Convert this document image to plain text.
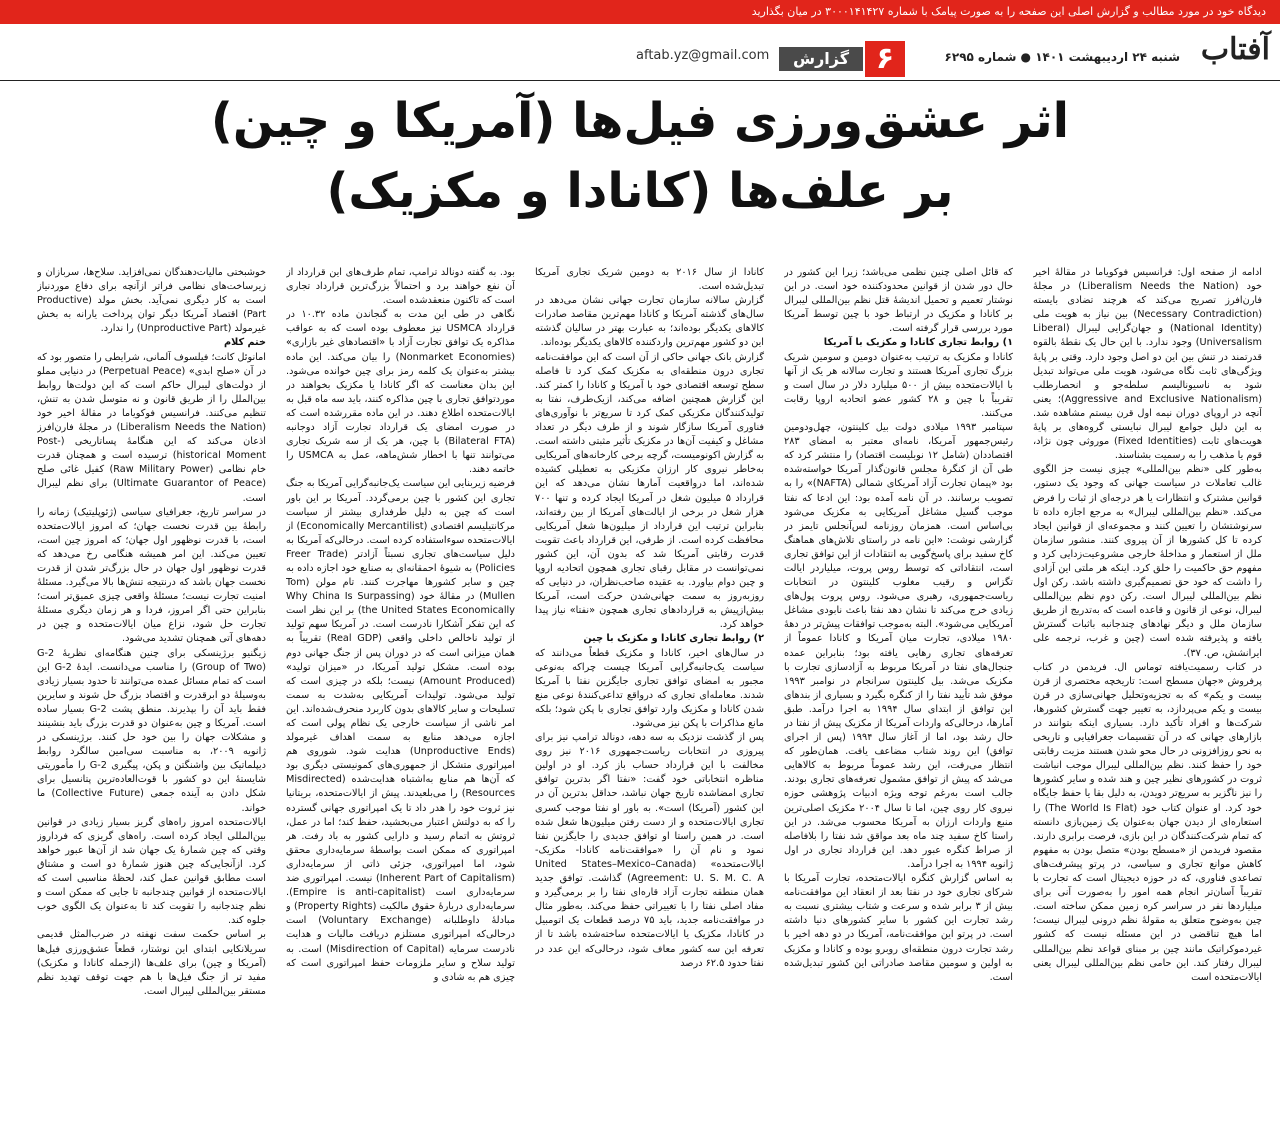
دیدگاه خود در مورد مطالب و گزارش اصلی این صفحه را به صورت پیامک با شماره ۳۰۰۰۱۴۱۴۲۷ در میان بگذارید
آفتاب
شنبه ۲۴ اردیبهشت ۱۴۰۱ ● شماره ۶۲۹۵
۶
گزارش
aftab.yz@gmail.com
اثر عشق‌ورزی فیل‌ها (آمریکا و چین)
بر علف‌ها (کانادا و مکزیک)

ادامه از صفحه اول: فرانسیس فوکویاما در مقالهٔ اخیر خود (Liberalism Needs the Nation) در مجلهٔ فارن‌افرز تصریح می‌کند که هرچند تضادی بایسته (Necessary Contradiction) بین نیاز به هویت ملی (National Identity) و جهان‌گرایی لیبرال (Liberal Universalism) وجود ندارد. با این حال یک نقطهٔ بالقوه قدرتمند در تنش بین این دو اصل وجود دارد. وقتی بر پایهٔ ویژگی‌های ثابت نگاه می‌شود، هویت ملی می‌تواند تبدیل شود به ناسیونالیسم سلطه‌جو و انحصارطلب (Aggressive and Exclusive Nationalism)؛ یعنی آنچه در اروپای دوران نیمه اول قرن بیستم مشاهده شد. به این دلیل جوامع لیبرال نبایستی گروه‌های بر پایهٔ هویت‌های ثابت (Fixed Identities) موروثی چون نژاد، قوم یا مذهب را به رسمیت بشناسند.

به‌طور کلی «نظم بین‌المللی» چیزی نیست جز الگوی غالب تعاملات در سیاست جهانی که وجود یک دستور، قوانین مشترک و انتظارات یا هر درجه‌ای از ثبات را فرض می‌کند. «نظم بین‌المللی لیبرال» به مرجع اجازه داده تا سرنوشتشان را تعیین کنند و مجموعه‌ای از قوانین ایجاد کرده تا کل کشورها از آن پیروی کنند. منشور سازمان ملل از استعمار و مداخلهٔ خارجی مشروعیت‌زدایی کرد و مفهوم حق حاکمیت را خلق کرد. اینکه هر ملتی این آزادی را داشت که خود حق تصمیم‌گیری داشته باشد. رکن اول نظم بین‌المللی لیبرال است. رکن دوم نظم بین‌المللی لیبرال، نوعی از قانون و قاعده است که به‌تدریج از طریق سازمان ملل و دیگر نهادهای چندجانبه باثبات گسترش یافته و پذیرفته شده است (چین و غرب، ترجمه علی ایرانشش، ص. ۳۷).

در کتاب رسمیت‌یافته توماس ال. فریدمن در کتاب پرفروش «جهان مسطح است: تاریخچه مختصری از قرن بیست و یکم» که به تجزیه‌وتحلیل جهانی‌سازی در قرن بیست و یکم می‌پردازد، به تغییر جهت گسترش کشورها، شرکت‌ها و افراد تأکید دارد. بسیاری اینکه بتوانند در بازارهای جهانی که در آن تقسیمات جغرافیایی و تاریخی به نحو روزافزونی در حال محو شدن هستند مزیت رقابتی خود را حفظ کنند. نظم بین‌المللی لیبرال موجب انباشت ثروت در کشورهای نظیر چین و هند شده و سایر کشورها را نیز ناگزیر به سریع‌تر دویدن، به دلیل بقا یا حفظ جایگاه خود کرد. او عنوان کتاب خود (The World Is Flat) را استعاره‌ای از دیدن جهان به‌عنوان یک زمین‌بازی دانسته که تمام شرکت‌کنندگان در این بازی، فرصت برابری دارند. مقصود فریدمن از «مسطح بودن» متصل بودن به مفهوم کاهش موانع تجاری و سیاسی، در پرتو پیشرفت‌های تصاعدی فناوری، که در حوزه دیجیتال است که تجارت با تقریباً آسان‌تر انجام همه امور را به‌صورت آنی برای میلیاردها نفر در سراسر کره زمین ممکن ساخته است. چین به‌وضوح متعلق به مقولهٔ نظم درونی لیبرال نیست؛ اما هیچ تناقضی در این مسئله نیست که کشور غیردموکراتیک مانند چین بر مبنای قواعد نظم بین‌المللی لیبرال رفتار کند. این حامی نظم بین‌المللی لیبرال یعنی ایالات‌متحده است

که قائل اصلی چنین نظمی می‌باشد؛ زیرا این کشور در حال دور شدن از قوانین محدودکننده خود است. در این نوشتار تعمیم و تحمیل اندیشهٔ قتل نظم بین‌المللی لیبرال بر کانادا و مکزیک در ارتباط خود با چین توسط آمریکا مورد بررسی قرار گرفته است.

۱) روابط تجاری کانادا و مکزیک با آمریکا

کانادا و مکزیک به ترتیب به‌عنوان دومین و سومین شریک بزرگ تجاری آمریکا هستند و تجارت سالانه هر یک از آنها با ایالات‌متحده بیش از ۵۰۰ میلیارد دلار در سال است و تقریباً با چین و ۲۸ کشور عضو اتحادیه اروپا رقابت می‌کنند.

سپتامبر ۱۹۹۳ میلادی دولت بیل کلینتون، چهل‌ودومین رئیس‌جمهور آمریکا، نامه‌ای معتبر به امضای ۲۸۳ اقتصاددان (شامل ۱۲ نوبلیست اقتصاد) را منتشر کرد که طی آن از کنگره‌ٔ مجلس قانون‌گذار آمریکا خواسته‌شده بود «پیمان تجارت آزاد آمریکای شمالی (NAFTA)» را به تصویب برسانند. در آن نامه آمده بود: این ادعا که نفتا موجب گسیل مشاغل آمریکایی به مکزیک می‌شود بی‌اساس است. همزمان روزنامه لس‌آنجلس تایمز در گزارشی نوشت: «این نامه در راستای تلاش‌های هماهنگ کاخ سفید برای پاسخ‌گویی به انتقادات از این توافق تجاری است، انتقاداتی که توسط روس پروت، میلیاردر ایالت تگزاس و رقیب مغلوب کلینتون در انتخابات ریاست‌جمهوری، رهبری می‌شود. روس پروت پول‌های زیادی خرج می‌کند تا نشان دهد نفتا باعث نابودی مشاغل آمریکایی می‌شود». البته به‌موجب توافقات پیش‌تر در دههٔ ۱۹۸۰ میلادی، تجارت میان آمریکا و کانادا عموماً از تعرفه‌های تجاری رهایی یافته بود؛ بنابراین عمده جنجال‌های نفتا در آمریکا مربوط به آزادسازی تجارت با مکزیک می‌شد. بیل کلینتون سرانجام در نوامبر ۱۹۹۳ موفق شد تأیید نفتا را از کنگره بگیرد و بسیاری از بندهای این توافق از ابتدای سال ۱۹۹۴ به اجرا درآمد. طبق آمارها، درحالی‌که واردات آمریکا از مکزیک پیش از نفتا در حال رشد بود، اما از آغاز سال ۱۹۹۴ (پس از اجرای توافق) این روند شتاب مضاعف یافت. همان‌طور که انتظار می‌رفت، این رشد عموماً مربوط به کالاهایی می‌شد که پیش از توافق مشمول تعرفه‌های تجاری بودند. جالب است به‌رغم توجه ویژه ادبیات پژوهشی حوزه نیروی کار روی چین، اما تا سال ۲۰۰۴ مکزیک اصلی‌ترین منبع واردات ارزان به آمریکا محسوب می‌شد. در این راستا کاخ سفید چند ماه بعد مواقق شد نفتا را بلافاصله از صراط کنگره عبور دهد. این قرارداد تجاری در اول ژانویه ۱۹۹۴ به اجرا درآمد.

به اساس گزارش کنگره ایالات‌متحده، تجارت آمریکا با شرکای تجاری خود در نفتا بعد از انعقاد این موافقت‌نامه بیش از ۳ برابر شده و سرعت و شتاب بیشتری نسبت به رشد تجارت این کشور با سایر کشورهای دنیا داشته است. در پرتو این موافقت‌نامه، آمریکا در دو دهه اخیر با رشد تجارت درون منطقه‌ای روبرو بوده و کانادا و مکزیک به اولین و سومین مقاصد صادراتی این کشور تبدیل‌شده است.

کانادا از سال ۲۰۱۶ به دومین شریک تجاری آمریکا تبدیل‌شده است.

گزارش سالانه سازمان تجارت جهانی نشان می‌دهد در سال‌های گذشته آمریکا و کانادا مهم‌ترین مقاصد صادرات کالاهای یکدیگر بوده‌اند؛ به عبارت بهتر در سالیان گذشته این دو کشور مهم‌ترین واردکننده کالاهای یکدیگر بوده‌اند.

گزارش بانک جهانی حاکی از آن است که این موافقت‌نامه تجاری درون منطقه‌ای به مکزیک کمک کرد تا فاصله سطح توسعه اقتصادی خود با آمریکا و کانادا را کمتر کند. این گزارش همچنین اضافه می‌کند، ازیک‌طرف، نفتا به تولیدکنندگان مکزیکی کمک کرد تا سریع‌تر با نوآوری‌های فناوری آمریکا سازگار شوند و از طرف دیگر در تعداد مشاغل و کیفیت آن‌ها در مکزیک تأثیر مثبتی داشته است. به گزارش اکونومیست، گرچه برخی کارخانه‌های آمریکایی به‌خاطر نیروی کار ارزان مکزیکی به تعطیلی کشیده شده‌اند، اما درواقعیت آمارها نشان می‌دهد که این قرارداد ۵ میلیون شغل در آمریکا ایجاد کرده و تنها ۷۰۰ هزار شغل در برخی از ایالت‌های آمریکا از بین رفته‌اند، بنابراین ترتیب این قرارداد از میلیون‌ها شغل آمریکایی محافظت کرده است. از طرفی، این قرارداد باعث تقویت قدرت رقابتی آمریکا شد که بدون آن، این کشور نمی‌توانست در مقابل رقبای تجاری همچون اتحادیه اروپا و چین دوام بیاورد. به عقیده صاحب‌نظران، در دنیایی که روزبه‌روز به سمت جهانی‌شدن حرکت است، آمریکا بیش‌ازپیش به قراردادهای تجاری همچون «نفتا» نیاز پیدا خواهد کرد.

۲) روابط تجاری کانادا و مکزیک با چین

در سال‌های اخیر، کانادا و مکزیک قطعاً می‌دانند که سیاست یک‌جانبه‌گرایی آمریکا چیست چراکه به‌نوعی مجبور به امضای توافق تجاری جایگزین نفتا با آمریکا شدند. معامله‌ای تجاری که درواقع تداعی‌کنندهٔ نوعی منع شدن کانادا و مکزیک وارد توافق تجاری با پکن شود؛ بلکه مانع مذاکرات با پکن نیز می‌شود.

پس از گذشت نزدیک به سه دهه، دونالد ترامپ نیز برای پیروزی در انتخابات ریاست‌جمهوری ۲۰۱۶ نیز روی مخالفت با این قرارداد حساب باز کرد. او در اولین مناظره انتخاباتی خود گفت: «نفتا اگر بدترین توافق تجاری امضاشده تاریخ جهان نباشد، حداقل بدترین آن در این کشور (آمریکا) است». به باور او نفتا موجب کسری تجاری ایالات‌متحده و از دست رفتن میلیون‌ها شغل شده است. در همین راستا او توافق جدیدی را جایگزین نفتا نمود و نام آن را «موافقت‌نامه کانادا- مکزیک- ایالات‌متحده» (United States–Mexico–Canada Agreement: U. S. M. C. A) گذاشت. توافق جدید همان منطقه تجارت آزاد قاره‌ای نفتا را بر برمی‌گیرد و مفاد اصلی نفتا را با تغییراتی حفظ می‌کند. به‌طور مثال در موافقت‌نامه جدید، باید ۷۵ درصد قطعات یک اتومبیل در کانادا، مکزیک یا ایالات‌متحده ساخته‌شده باشد تا از تعرفه این سه کشور معاف شود، درحالی‌که این عدد در نفتا حدود ۶۲.۵ درصد

بود. به گفته دونالد ترامپ، تمام طرف‌های این قرارداد از آن نفع خواهند برد و احتمالاً بزرگ‌ترین قرارداد تجاری است که تاکنون منعقدشده است.

نگاهی در طی این مدت به گنجاندن ماده ۱۰.۳۲ در قرارداد USMCA نیز معطوف بوده است که به عواقب مذاکره یک توافق تجارت آزاد با «اقتصادهای غیر بازاری» (Nonmarket Economies) را بیان می‌کند. این ماده بیشتر به‌عنوان یک کلمه رمز برای چین خوانده می‌شود. این بدان معناست که اگر کانادا یا مکزیک بخواهند در موردتوافق تجاری با چین مذاکره کنند، باید سه ماه قبل به ایالات‌متحده اطلاع دهند. در این ماده مقررشده است که در صورت امضای یک قرارداد تجارت آزاد دوجانبه (Bilateral FTA) با چین، هر یک از سه شریک تجاری می‌توانند تنها با اخطار شش‌ماهه، عمل به USMCA را خاتمه دهند.

فرضیه زیربنایی این سیاست یک‌جانبه‌گرایی آمریکا به جنگ تجاری این کشور با چین برمی‌گردد. آمریکا بر این باور است که چین به دلیل طرفداری بیشتر از سیاست مرکانتیلیسم اقتصادی (Economically Mercantilist) از ایالات‌متحده سوءاستفاده کرده است. درحالی‌که آمریکا به دلیل سیاست‌های تجاری نسبتاً آزادتر (Freer Trade Policies) به شیوهٔ احمقانه‌ای به صنایع خود اجازه داده به چین و سایر کشورها مهاجرت کنند. تام مولن (Tom Mullen) در مقالهٔ خود (Why China Is Surpassing the United States Economically) بر این نظر است که این تفکر آشکارا نادرست است. در آمریکا سهم تولید از تولید ناخالص داخلی واقعی (Real GDP) تقریباً به همان میزانی است که در دوران پس از جنگ جهانی دوم بوده است. مشکل تولید آمریکا، در «میزان تولید» (Amount Produced) نیست؛ بلکه در چیزی است که تولید می‌شود. تولیدات آمریکایی به‌شدت به سمت تسلیحات و سایر کالاهای بدون کاربرد منحرف‌شده‌اند. این امر ناشی از سیاست خارجی یک نظام پولی است که اجازه می‌دهد منابع به سمت اهداف غیرمولد (Unproductive Ends) هدایت شود. شوروی هم امپراتوری متشکل از جمهوری‌های کمونیستی دیگری بود که آن‌ها هم منابع به‌اشتباه هدایت‌شده (Misdirected Resources) را می‌بلعیدند. پیش از ایالات‌متحده، بریتانیا نیز ثروت خود را هدر داد تا یک امپراتوری جهانی گسترده را که به دولتش اعتبار می‌بخشید، حفظ کند؛ اما در عمل، ثروتش به اتمام رسید و دارایی کشور به باد رفت. هر امپراتوری که ممکن است بواسطهٔ سرمایه‌داری محقق شود، اما امپراتوری، جزئی ذاتی از سرمایه‌داری (Inherent Part of Capitalism) نیست. امپراتوری ضد سرمایه‌داری است (Empire is anti-capitalist). سرمایه‌داری دربارهٔ حقوق مالکیت (Property Rights) و مبادلهٔ داوطلبانه (Voluntary Exchange) است درحالی‌که امپراتوری مستلزم دریافت مالیات و هدایت نادرست سرمایه (Misdirection of Capital) است. به تولید سلاح و سایر ملزومات حفظ امپراتوری است که چیزی هم به شادی و

خوشبختی مالیات‌دهندگان نمی‌افزاید. سلاح‌ها، سربازان و زیرساخت‌های نظامی فراتر ازآنچه برای دفاع موردنیاز است به کار دیگری نمی‌آید. بخش مولد (Productive Part) اقتصاد آمریکا دیگر توان پرداخت یارانه به بخش غیرمولد (Unproductive Part) را ندارد.

ختم کلام

امانوئل کانت؛ فیلسوف آلمانی، شرایطی را متصور بود که در آن «صلح ابدی» (Perpetual Peace) در دنیایی مملو از دولت‌های لیبرال حاکم است که این دولت‌ها روابط بین‌الملل را از طریق قانون و نه متوسل شدن به تنش، تنظیم می‌کنند. فرانسیس فوکویاما در مقالهٔ اخیر خود (Liberalism Needs the Nation) در مجلهٔ فارن‌افرز اذعان می‌کند که این هنگامهٔ پساتاریخی (Post-historical Moment) ترسیده است و همچنان قدرت خام نظامی (Raw Military Power) کفیل غائی صلح (Ultimate Guarantor of Peace) برای نظم لیبرال است.

در سراسر تاریخ، جغرافیای سیاسی (ژئوپلیتیک) زمانه را رابطهٔ بین قدرت نخست جهان؛ که امروز ایالات‌متحده است، با قدرت نوظهور اول جهان؛ که امروز چین است، تعیین می‌کند. این امر همیشه هنگامی رخ می‌دهد که قدرت نوظهور اول جهان در حال بزرگ‌تر شدن از قدرت نخست جهان باشد که درنتیجه تنش‌ها بالا می‌گیرد. مسئلهٔ امنیت تجارت نیست؛ مسئلهٔ واقعی چیزی عمیق‌تر است؛ بنابراین حتی اگر امروز، فردا و هر زمان دیگری مسئلهٔ تجارت حل شود، نزاع میان ایالات‌متحده و چین در دهه‌های آتی همچنان تشدید می‌شود.

زیگنیو برژینسکی برای چنین هنگامه‌ای نظریهٔ G-2 (Group of Two) را مناسب می‌دانست. ایدهٔ G-2 این است که تمام مسائل عمده می‌توانند تا حدود بسیار زیادی به‌وسیلهٔ دو ابرقدرت و اقتصاد بزرگ حل شوند و سایرین فقط باید آن را بپذیرند. منطق پشت G-2 بسیار ساده است. آمریکا و چین به‌عنوان دو قدرت بزرگ باید بنشینند و مشکلات جهان را بین خود حل کنند. برژینسکی در ژانویه ۲۰۰۹، به مناسبت سی‌امین سالگرد روابط دیپلماتیک بین واشنگتن و پکن، پیگیری G-2 را مأموریتی شایستهٔ این دو کشور با قوت‌العاده‌ترین پتانسیل برای شکل دادن به آینده جمعی (Collective Future) ما خواند.

ایالات‌متحده امروز راه‌های گریز بسیار زیادی در قوانین بین‌المللی ایجاد کرده است. راه‌های گریزی که فرداروز وقتی که چین شمارهٔ یک جهان شد از آن‌ها عبور خواهد کرد. ازآنجایی‌که چین هنوز شمارهٔ دو است و مشتاق است مطابق قوانین عمل کند، لحظهٔ مناسبی است که ایالات‌متحده از قوانین چندجانبه تا جایی که ممکن است و نظم چندجانبه را تقویت کند تا به‌عنوان یک الگوی خوب جلوه کند.

بر اساس حکمت سفت نهفته در ضرب‌المثل قدیمی سریلانکایی ابتدای این نوشتار، قطعاً عشق‌ورزی فیل‌ها (آمریکا و چین) برای علف‌ها (ازجمله کانادا و مکزیک) مفید تر از جنگ فیل‌ها با هم جهت توقف تهدید نظم مستقر بین‌المللی لیبرال است.
